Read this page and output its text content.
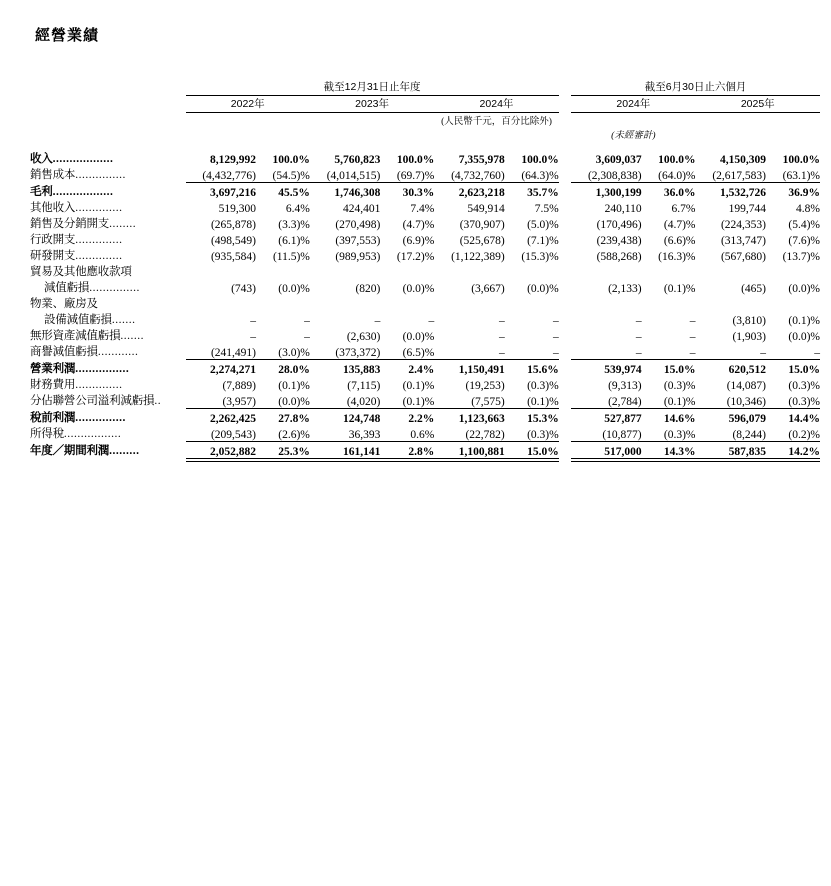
經營業績
	截至12月31日止年度							截至6月30日止六個月			

	2022年		2023年		2024年			2024年		2025年	

					(人民幣千元，百分比除外)						
								(未經審計)			

收入..................	8,129,992	100.0%	5,760,823	100.0%	7,355,978	100.0%		3,609,037	100.0%	4,150,309	100.0%
銷售成本...............	(4,432,776)	(54.5)%	(4,014,515)	(69.7)%	(4,732,760)	(64.3)%		(2,308,838)	(64.0)%	(2,617,583)	(63.1)%

毛利..................	3,697,216	45.5%	1,746,308	30.3%	2,623,218	35.7%		1,300,199	36.0%	1,532,726	36.9%
其他收入..............	519,300	6.4%	424,401	7.4%	549,914	7.5%		240,110	6.7%	199,744	4.8%
銷售及分銷開支........	(265,878)	(3.3)%	(270,498)	(4.7)%	(370,907)	(5.0)%		(170,496)	(4.7)%	(224,353)	(5.4)%
行政開支..............	(498,549)	(6.1)%	(397,553)	(6.9)%	(525,678)	(7.1)%		(239,438)	(6.6)%	(313,747)	(7.6)%
研發開支..............	(935,584)	(11.5)%	(989,953)	(17.2)%	(1,122,389)	(15.3)%		(588,268)	(16.3)%	(567,680)	(13.7)%
貿易及其他應收款項											
減值虧損...............	(743)	(0.0)%	(820)	(0.0)%	(3,667)	(0.0)%		(2,133)	(0.1)%	(465)	(0.0)%
物業、廠房及											
設備減值虧損.......	–	–	–	–	–	–		–	–	(3,810)	(0.1)%
無形資產減值虧損.......	–	–	(2,630)	(0.0)%	–	–		–	–	(1,903)	(0.0)%
商譽減值虧損............	(241,491)	(3.0)%	(373,372)	(6.5)%	–	–		–	–	–	–

營業利潤................	2,274,271	28.0%	135,883	2.4%	1,150,491	15.6%		539,974	15.0%	620,512	15.0%
財務費用..............	(7,889)	(0.1)%	(7,115)	(0.1)%	(19,253)	(0.3)%		(9,313)	(0.3)%	(14,087)	(0.3)%
分佔聯營公司溢利減虧損..	(3,957)	(0.0)%	(4,020)	(0.1)%	(7,575)	(0.1)%		(2,784)	(0.1)%	(10,346)	(0.3)%

稅前利潤...............	2,262,425	27.8%	124,748	2.2%	1,123,663	15.3%		527,877	14.6%	596,079	14.4%
所得稅.................	(209,543)	(2.6)%	36,393	0.6%	(22,782)	(0.3)%		(10,877)	(0.3)%	(8,244)	(0.2)%

年度／期間利潤.........	2,052,882	25.3%	161,141	2.8%	1,100,881	15.0%		517,000	14.3%	587,835	14.2%
